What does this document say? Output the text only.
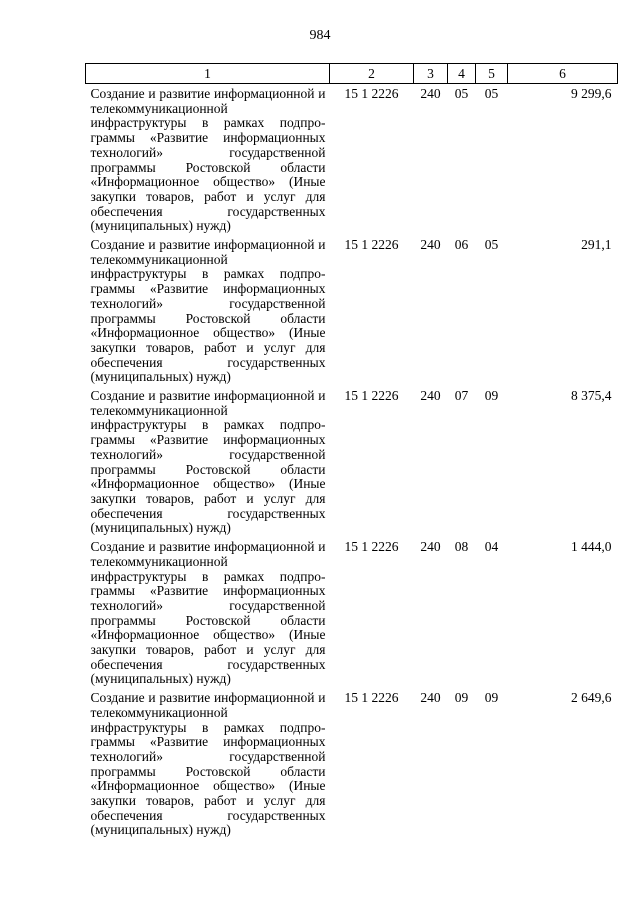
984
1	2	3	4	5	6
Создание и развитие информационной и телекоммуникационной инфраструктуры в рамках подпрограммы «Развитие информационных технологий» государственной программы Ростовской области «Информационное общество» (Иные закупки товаров, работ и услуг для обеспечения государственных (муниципальных) нужд)	15 1 2226	240	05	05	9 299,6
Создание и развитие информационной и телекоммуникационной инфраструктуры в рамках подпрограммы «Развитие информационных технологий» государственной программы Ростовской области «Информационное общество» (Иные закупки товаров, работ и услуг для обеспечения государственных (муниципальных) нужд)	15 1 2226	240	06	05	291,1
Создание и развитие информационной и телекоммуникационной инфраструктуры в рамках подпрограммы «Развитие информационных технологий» государственной программы Ростовской области «Информационное общество» (Иные закупки товаров, работ и услуг для обеспечения государственных (муниципальных) нужд)	15 1 2226	240	07	09	8 375,4
Создание и развитие информационной и телекоммуникационной инфраструктуры в рамках подпрограммы «Развитие информационных технологий» государственной программы Ростовской области «Информационное общество» (Иные закупки товаров, работ и услуг для обеспечения государственных (муниципальных) нужд)	15 1 2226	240	08	04	1 444,0
Создание и развитие информационной и телекоммуникационной инфраструктуры в рамках подпрограммы «Развитие информационных технологий» государственной программы Ростовской области «Информационное общество» (Иные закупки товаров, работ и услуг для обеспечения государственных (муниципальных) нужд)	15 1 2226	240	09	09	2 649,6
